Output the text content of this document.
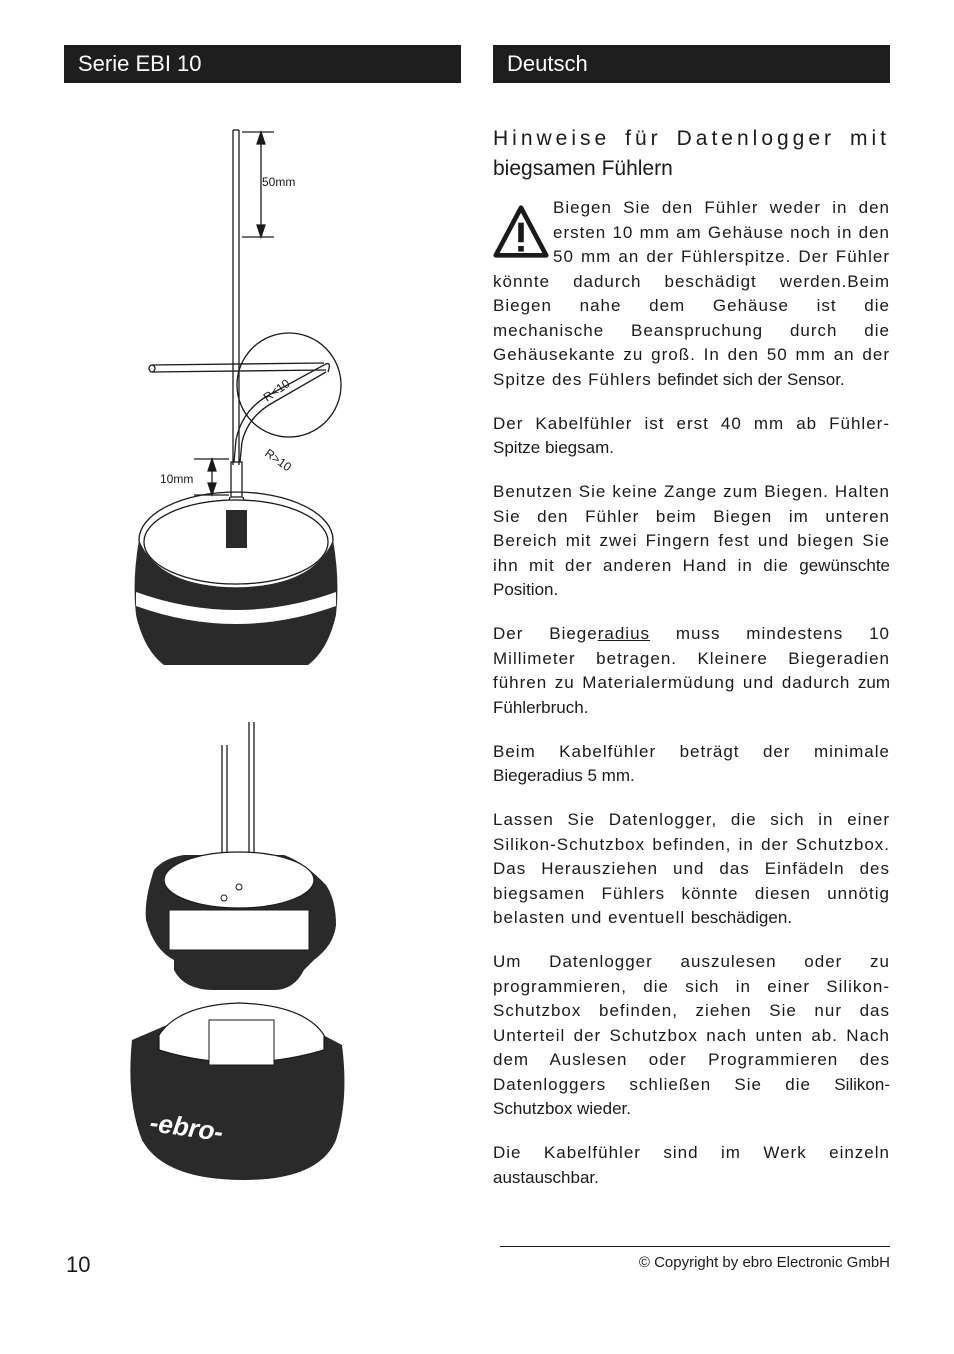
Serie EBI 10	Deutsch
50mm
10mm
R<10
R>10
-ebro-
Hinweise für Datenlogger mit
biegsamen Fühlern

Biegen Sie den Fühler weder in den ersten 10 mm am Gehäuse noch in den 50 mm an der Fühlerspitze. Der Fühler könnte dadurch beschädigt werden.Beim Biegen nahe dem Gehäuse ist die mechanische Beanspruchung durch die Gehäusekante zu groß. In den 50 mm an der Spitze des Fühlers befindet sich der Sensor.

Der Kabelfühler ist erst 40 mm ab Fühler- Spitze biegsam.

Benutzen Sie keine Zange zum Biegen. Halten Sie den Fühler beim Biegen im unteren Bereich mit zwei Fingern fest und biegen Sie ihn mit der anderen Hand in die gewünschte Position.

Der Biegeradius muss mindestens 10 Millimeter betragen. Kleinere Biegeradien führen zu Materialermüdung und dadurch zum Fühlerbruch.

Beim Kabelfühler beträgt der minimale Biegeradius 5 mm.

Lassen Sie Datenlogger, die sich in einer Silikon-Schutzbox befinden, in der Schutzbox. Das Herausziehen und das Einfädeln des biegsamen Fühlers könnte diesen unnötig belasten und eventuell beschädigen.

Um Datenlogger auszulesen oder zu programmieren, die sich in einer Silikon-Schutzbox befinden, ziehen Sie nur das Unterteil der Schutzbox nach unten ab. Nach dem Auslesen oder Programmieren des Datenloggers schließen Sie die Silikon-Schutzbox wieder.

Die Kabelfühler sind im Werk einzeln austauschbar.

10	© Copyright by ebro Electronic GmbH
